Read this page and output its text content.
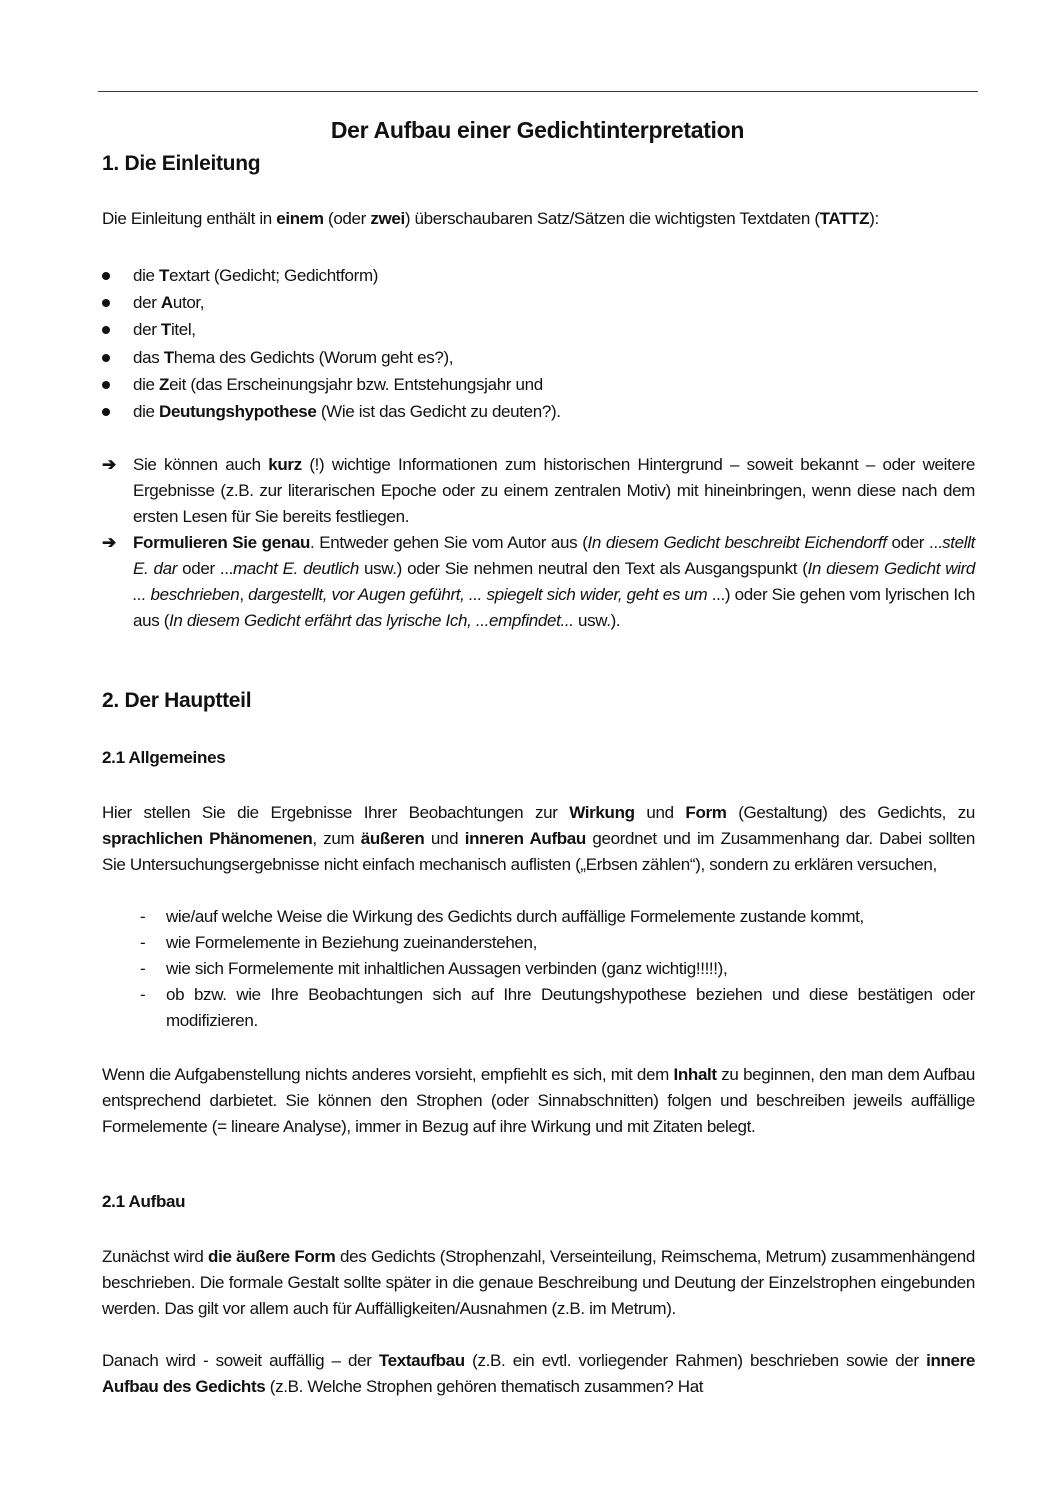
Der Aufbau einer Gedichtinterpretation
1. Die Einleitung
Die Einleitung enthält in einem (oder zwei) überschaubaren Satz/Sätzen die wichtigsten Textdaten (TATTZ):
die Textart (Gedicht; Gedichtform)
der Autor,
der Titel,
das Thema des Gedichts (Worum geht es?),
die Zeit (das Erscheinungsjahr bzw. Entstehungsjahr und
die Deutungshypothese (Wie ist das Gedicht zu deuten?).
➔ Sie können auch kurz (!) wichtige Informationen zum historischen Hintergrund – soweit bekannt – oder weitere Ergebnisse (z.B. zur literarischen Epoche oder zu einem zentralen Motiv) mit hineinbringen, wenn diese nach dem ersten Lesen für Sie bereits festliegen.
➔ Formulieren Sie genau. Entweder gehen Sie vom Autor aus (In diesem Gedicht beschreibt Eichendorff oder ...stellt E. dar oder ...macht E. deutlich usw.) oder Sie nehmen neutral den Text als Ausgangspunkt (In diesem Gedicht wird ... beschrieben, dargestellt, vor Augen geführt, ... spiegelt sich wider, geht es um ...) oder Sie gehen vom lyrischen Ich aus (In diesem Gedicht erfährt das lyrische Ich, ...empfindet... usw.).
2. Der Hauptteil
2.1 Allgemeines
Hier stellen Sie die Ergebnisse Ihrer Beobachtungen zur Wirkung und Form (Gestaltung) des Gedichts, zu sprachlichen Phänomenen, zum äußeren und inneren Aufbau geordnet und im Zusammenhang dar. Dabei sollten Sie Untersuchungsergebnisse nicht einfach mechanisch auflisten („Erbsen zählen“), sondern zu erklären versuchen,
- wie/auf welche Weise die Wirkung des Gedichts durch auffällige Formelemente zustande kommt,
- wie Formelemente in Beziehung zueinanderstehen,
- wie sich Formelemente mit inhaltlichen Aussagen verbinden (ganz wichtig!!!!!),
- ob bzw. wie Ihre Beobachtungen sich auf Ihre Deutungshypothese beziehen und diese bestätigen oder modifizieren.
Wenn die Aufgabenstellung nichts anderes vorsieht, empfiehlt es sich, mit dem Inhalt zu beginnen, den man dem Aufbau entsprechend darbietet. Sie können den Strophen (oder Sinnabschnitten) folgen und beschreiben jeweils auffällige Formelemente (= lineare Analyse), immer in Bezug auf ihre Wirkung und mit Zitaten belegt.
2.1 Aufbau
Zunächst wird die äußere Form des Gedichts (Strophenzahl, Verseinteilung, Reimschema, Metrum) zusammenhängend beschrieben. Die formale Gestalt sollte später in die genaue Beschreibung und Deutung der Einzelstrophen eingebunden werden. Das gilt vor allem auch für Auffälligkeiten/Ausnahmen (z.B. im Metrum).
Danach wird - soweit auffällig – der Textaufbau (z.B. ein evtl. vorliegender Rahmen) beschrieben sowie der innere Aufbau des Gedichts (z.B. Welche Strophen gehören thematisch zusammen? Hat
